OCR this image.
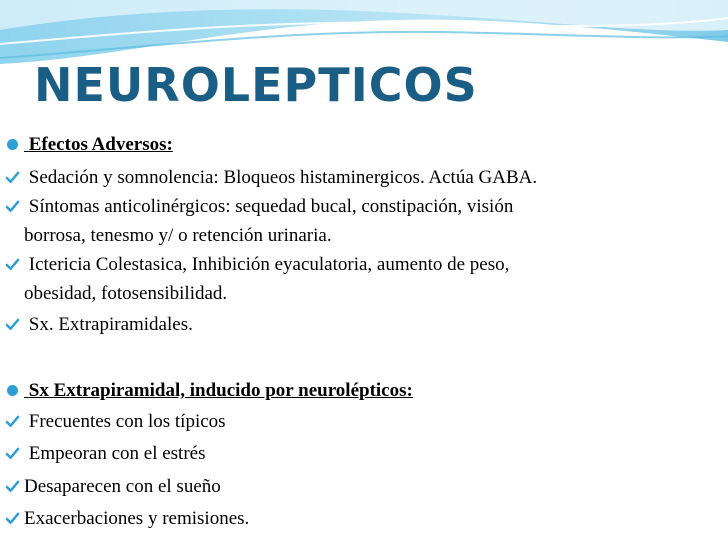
NEUROLEPTICOS
Efectos Adversos:
Sedación y somnolencia: Bloqueos histaminergicos. Actúa GABA.
Síntomas anticolinérgicos: sequedad bucal, constipación, visión
borrosa, tenesmo y/ o retención urinaria.
Ictericia Colestasica, Inhibición eyaculatoria, aumento de peso,
obesidad, fotosensibilidad.
Sx. Extrapiramidales.
Sx Extrapiramidal, inducido por neurolépticos:
Frecuentes con los típicos
Empeoran con el estrés
Desaparecen con el sueño
Exacerbaciones y remisiones.
